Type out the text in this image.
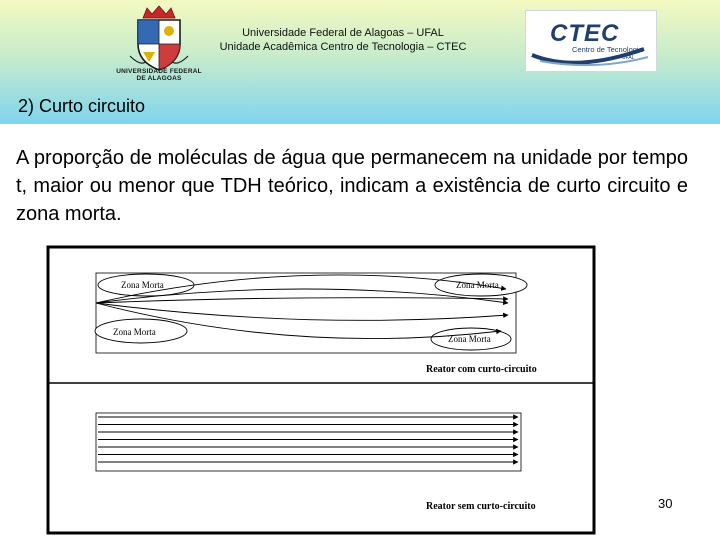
UNIVERSIDADE FEDERAL
DE ALAGOAS
Universidade Federal de Alagoas – UFAL
Unidade Acadêmica Centro de Tecnologia – CTEC	CTEC
Centro de Tecnologia
UFAL
2) Curto circuito
A proporção de moléculas de água que permanecem na unidade por tempo t, maior ou menor que TDH teórico, indicam a existência de curto circuito e zona morta.
Zona Morta	Zona Morta
Zona Morta
Zona Morta
Reator com curto-circuito
Reator sem curto-circuito	30
